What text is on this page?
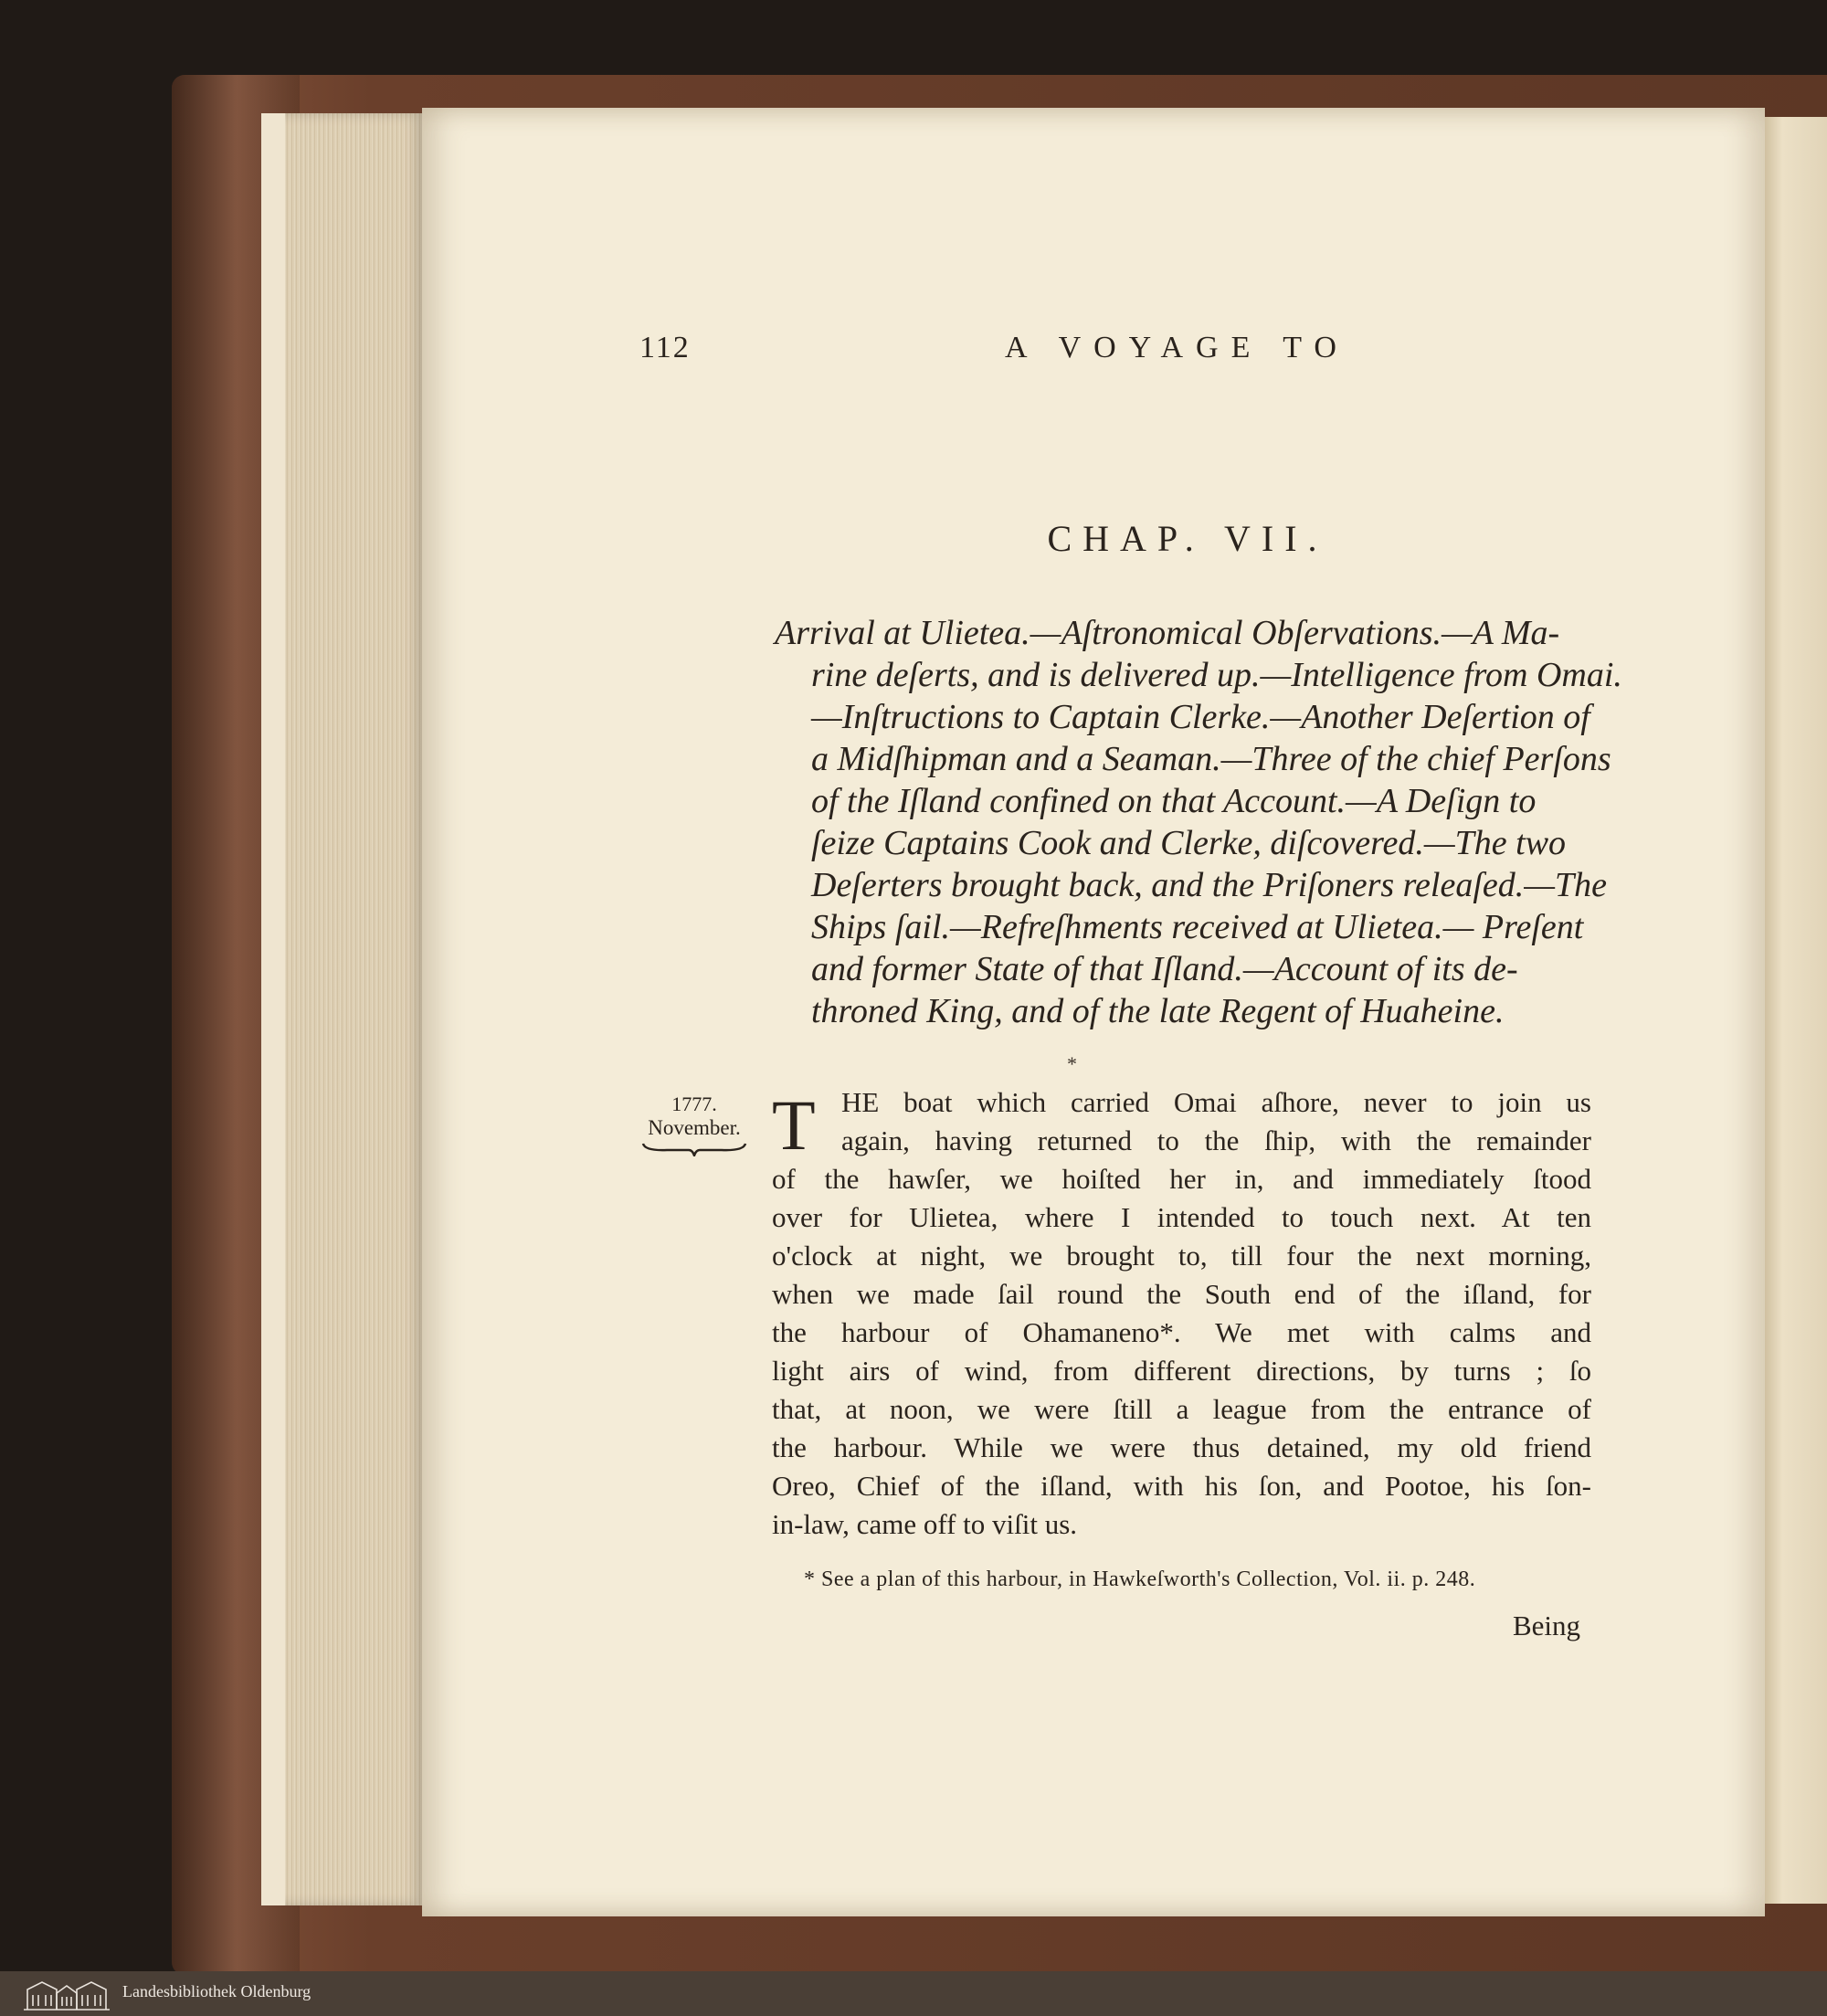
112	A VOYAGE TO
CHAP. VII.
Arrival at Ulietea.—Aſtronomical Obſervations.—A Ma-
rine deſerts, and is delivered up.—Intelligence from Omai.
—Inſtructions to Captain Clerke.—Another Deſertion of
a Midſhipman and a Seaman.—Three of the chief Perſons
of the Iſland confined on that Account.—A Deſign to
ſeize Captains Cook and Clerke, diſcovered.—The two
Deſerters brought back, and the Priſoners releaſed.—The
Ships ſail.—Refreſhments received at Ulietea.— Preſent
and former State of that Iſland.—Account of its de-
throned King, and of the late Regent of Huaheine.
*
1777.
November. T HE boat which carried Omai aſhore, never to join us
again, having returned to the ſhip, with the remainder
of the hawſer, we hoiſted her in, and immediately ſtood
over for Ulietea, where I intended to touch next. At ten
o'clock at night, we brought to, till four the next morning,
when we made ſail round the South end of the iſland, for
the harbour of Ohamaneno*. We met with calms and
light airs of wind, from different directions, by turns ; ſo
that, at noon, we were ſtill a league from the entrance of
the harbour. While we were thus detained, my old friend
Oreo, Chief of the iſland, with his ſon, and Pootoe, his ſon-
in-law, came off to viſit us.
* See a plan of this harbour, in Hawkeſworth's Collection, Vol. ii. p. 248.
Being
Landesbibliothek Oldenburg
